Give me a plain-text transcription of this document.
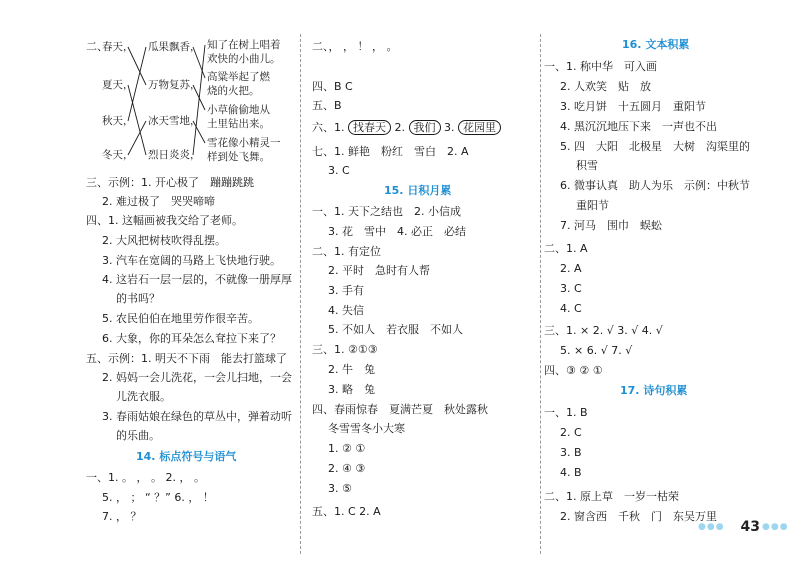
二、
春天，
夏天，
秋天，
冬天，
瓜果飘香，
万物复苏，
冰天雪地，
烈日炎炎，
知了在树上唱着
欢快的小曲儿。
高粱举起了燃
烧的火把。
小草偷偷地从
土里钻出来。
雪花像小精灵一
样到处飞舞。
三、示例：1. 开心极了　蹦蹦跳跳
2. 难过极了　哭哭啼啼
四、1. 这幅画被我交给了老师。
2. 大风把树枝吹得乱摆。
3. 汽车在宽阔的马路上飞快地行驶。
4. 这岩石一层一层的，不就像一册厚厚
的书吗？
5. 农民伯伯在地里劳作很辛苦。
6. 大象，你的耳朵怎么耷拉下来了？
五、示例：1. 明天不下雨　能去打篮球了
2. 妈妈一会儿洗花，一会儿扫地，一会
儿洗衣服。
3. 春雨姑娘在绿色的草丛中，弹着动听
的乐曲。
14. 标点符号与语气
一、1. 。 ， 。 2. ， 。
5. ， ； “ ？” 6. ， ！
7. ， ？
二、， ， ！ ， 。
四、B C
五、B
六、1. 找春天 2. 我们 3. 花园里
七、1. 鲜艳　粉红　雪白　2. A
3. C
15. 日积月累
一、1. 天下之结也　2. 小信成
3. 花　雪中　4. 必正　必结
二、1. 有定位
2. 平时　急时有人帮
3. 手有
4. 失信
5. 不如人　若衣服　不如人
三、1. ②①③
2. 牛　兔
3. 略　兔
四、春雨惊春　夏满芒夏　秋处露秋
冬雪雪冬小大寒
1. ② ①
2. ④ ③
3. ⑤
五、1. C 2. A
16. 文本积累
一、1. 称中华　可入画
2. 人欢笑　贴　放
3. 吃月饼　十五圆月　重阳节
4. 黑沉沉地压下来　一声也不出
5. 四　大阳　北极星　大树　沟渠里的
积雪
6. 微事认真　助人为乐　示例：中秋节
重阳节
7. 河马　围巾　蜈蚣
二、1. A
2. A
3. C
4. C
三、1. × 2. √ 3. √ 4. √
5. × 6. √ 7. √
四、③ ② ①
17. 诗句积累
一、1. B
2. C
3. B
4. B
二、1. 原上草　一岁一枯荣
2. 窗含西　千秋　门　东吴万里
●●● 43 ●●●
